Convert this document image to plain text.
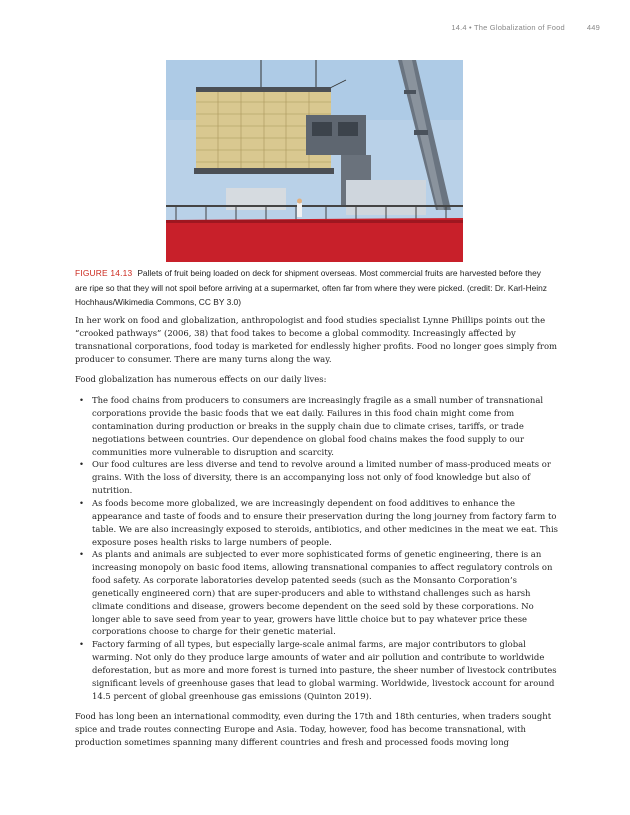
14.4 • The Globalization of Food	449
FIGURE 14.13 Pallets of fruit being loaded on deck for shipment overseas. Most commercial fruits are harvested before they are ripe so that they will not spoil before arriving at a supermarket, often far from where they were picked. (credit: Dr. Karl-Heinz Hochhaus/Wikimedia Commons, CC BY 3.0)

In her work on food and globalization, anthropologist and food studies specialist Lynne Phillips points out the “crooked pathways” (2006, 38) that food takes to become a global commodity. Increasingly affected by transnational corporations, food today is marketed for endlessly higher profits. Food no longer goes simply from producer to consumer. There are many turns along the way.

Food globalization has numerous effects on our daily lives:

• The food chains from producers to consumers are increasingly fragile as a small number of transnational corporations provide the basic foods that we eat daily. Failures in this food chain might come from contamination during production or breaks in the supply chain due to climate crises, tariffs, or trade negotiations between countries. Our dependence on global food chains makes the food supply to our communities more vulnerable to disruption and scarcity.
• Our food cultures are less diverse and tend to revolve around a limited number of mass-produced meats or grains. With the loss of diversity, there is an accompanying loss not only of food knowledge but also of nutrition.
• As foods become more globalized, we are increasingly dependent on food additives to enhance the appearance and taste of foods and to ensure their preservation during the long journey from factory farm to table. We are also increasingly exposed to steroids, antibiotics, and other medicines in the meat we eat. This exposure poses health risks to large numbers of people.
• As plants and animals are subjected to ever more sophisticated forms of genetic engineering, there is an increasing monopoly on basic food items, allowing transnational companies to affect regulatory controls on food safety. As corporate laboratories develop patented seeds (such as the Monsanto Corporation’s genetically engineered corn) that are super-producers and able to withstand challenges such as harsh climate conditions and disease, growers become dependent on the seed sold by these corporations. No longer able to save seed from year to year, growers have little choice but to pay whatever price these corporations choose to charge for their genetic material.
• Factory farming of all types, but especially large-scale animal farms, are major contributors to global warming. Not only do they produce large amounts of water and air pollution and contribute to worldwide deforestation, but as more and more forest is turned into pasture, the sheer number of livestock contributes significant levels of greenhouse gases that lead to global warming. Worldwide, livestock account for around 14.5 percent of global greenhouse gas emissions (Quinton 2019).

Food has long been an international commodity, even during the 17th and 18th centuries, when traders sought spice and trade routes connecting Europe and Asia. Today, however, food has become transnational, with production sometimes spanning many different countries and fresh and processed foods moving long
